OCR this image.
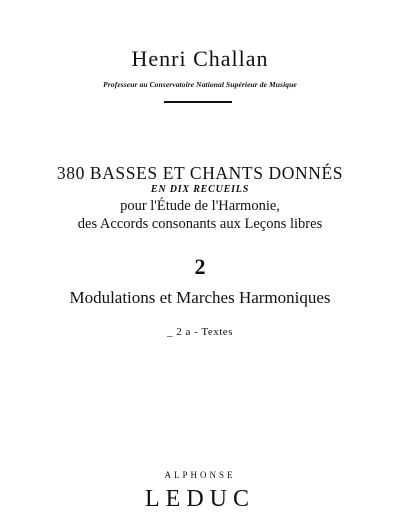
Henri Challan
Professeur au Conservatoire National Supérieur de Musique
380 BASSES ET CHANTS DONNÉS
EN DIX RECUEILS
pour l'Étude de l'Harmonie,
des Accords consonants aux Leçons libres
2
Modulations et Marches Harmoniques
_ 2 a - Textes
ALPHONSE
LEDUC
